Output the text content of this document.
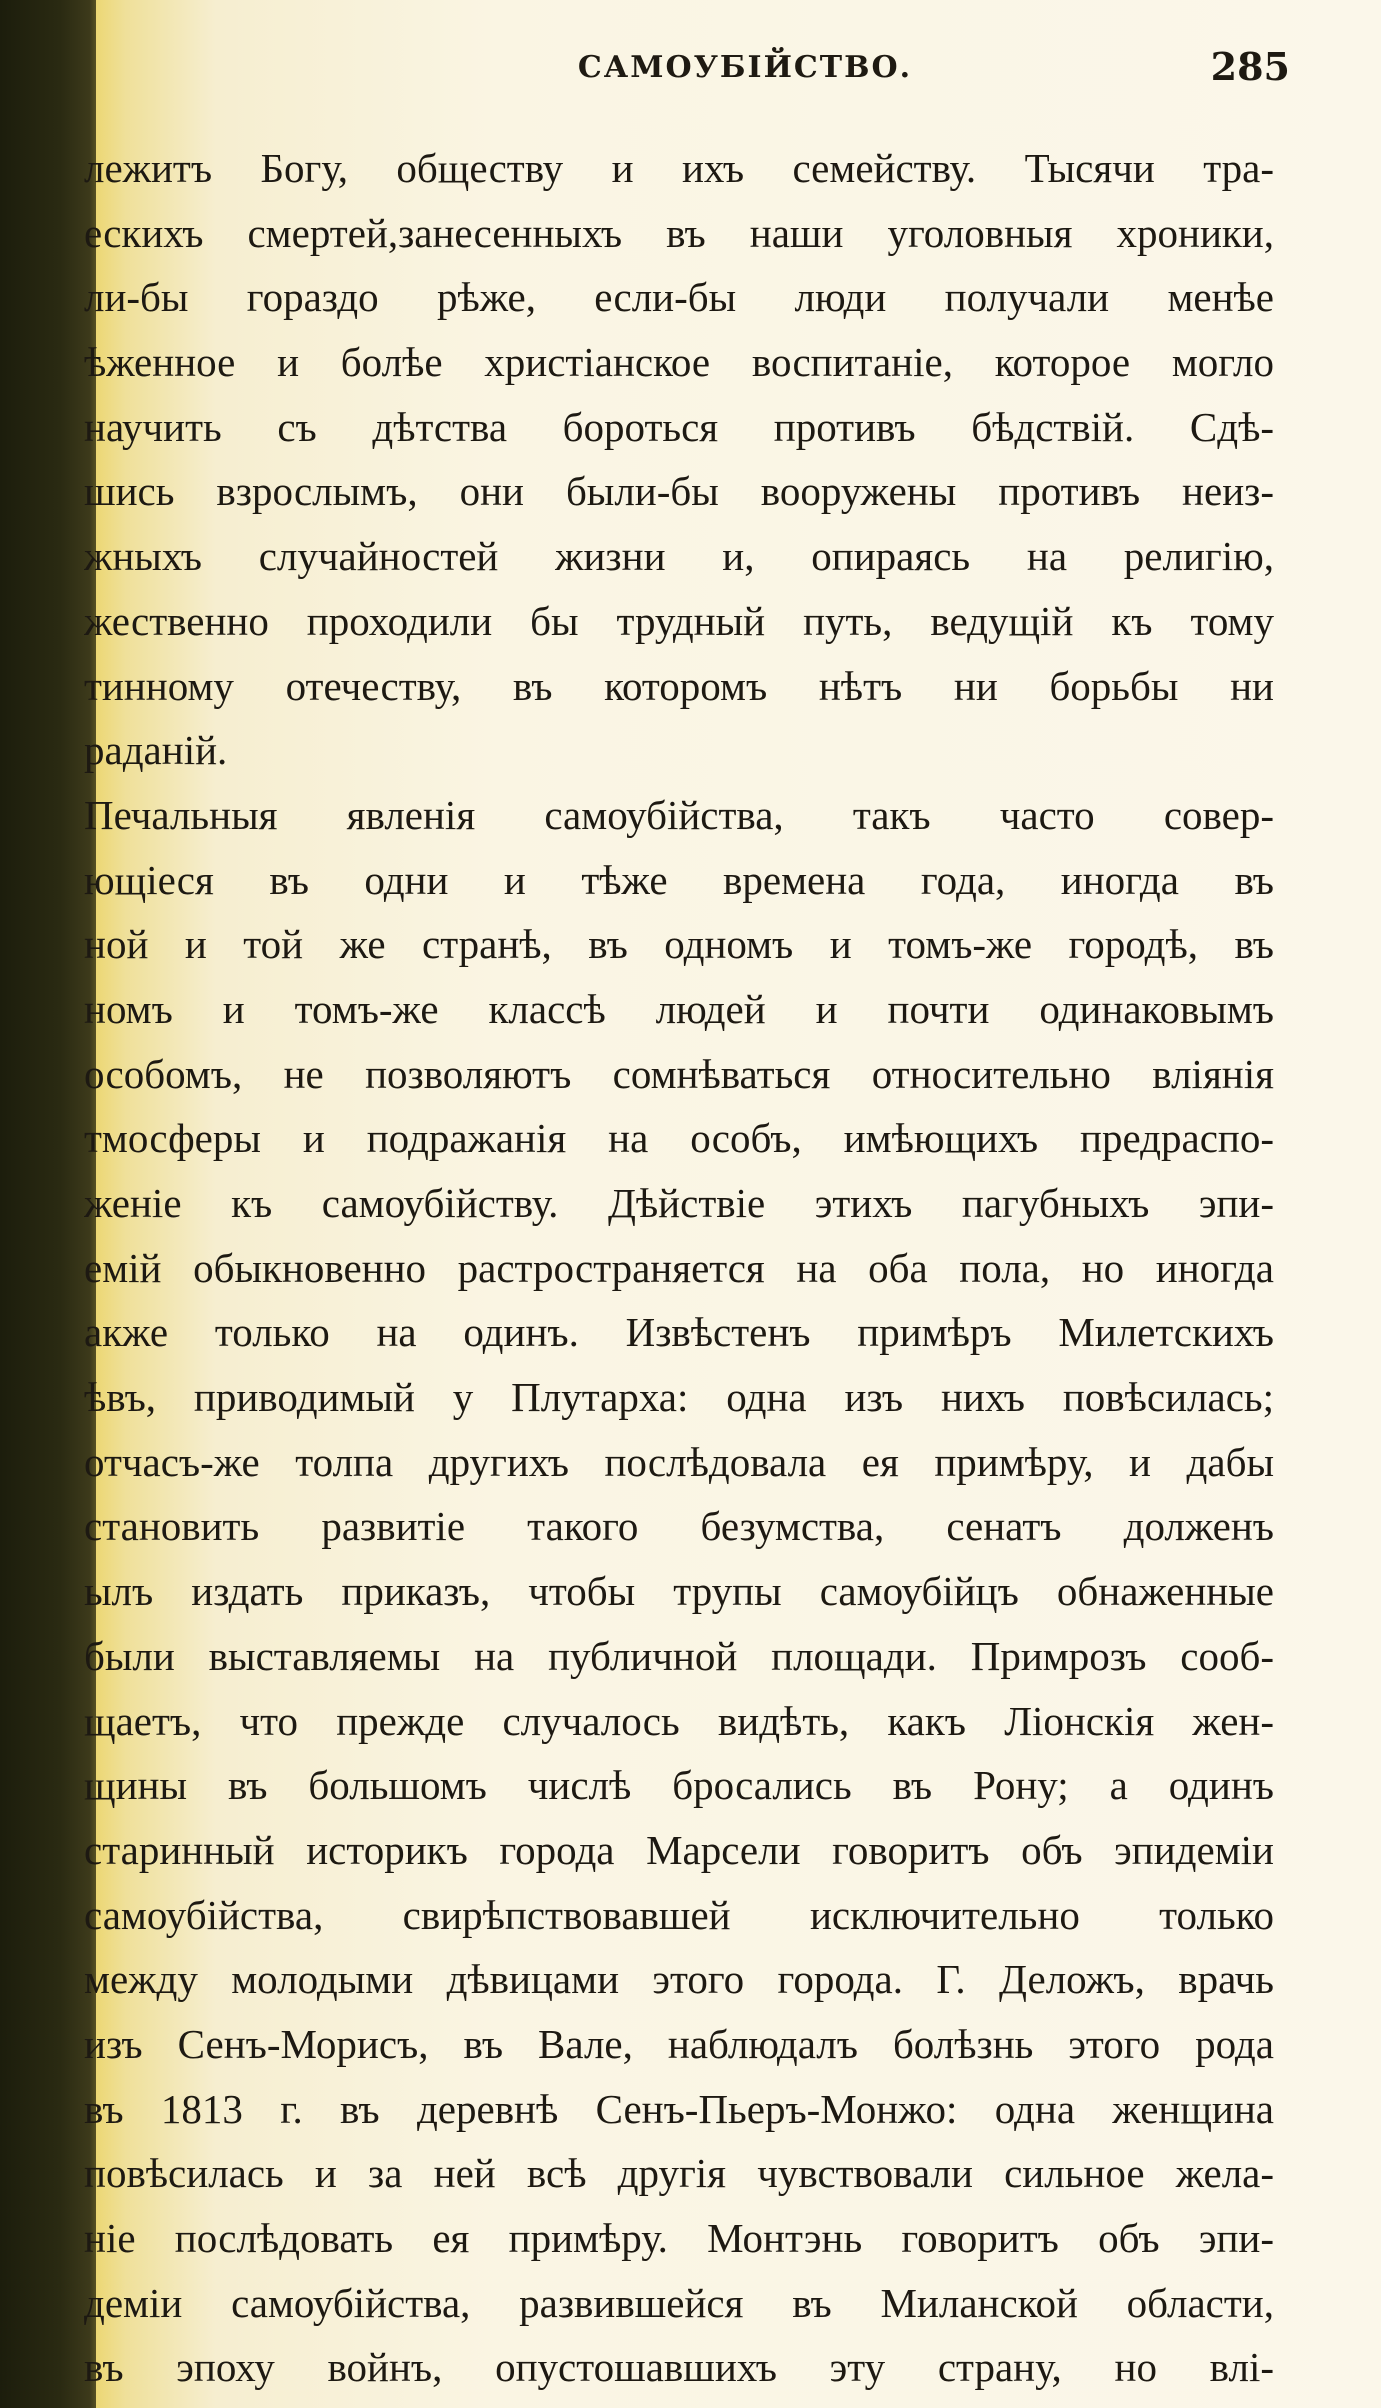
САМОУБІЙСТВО.	285
лежитъ Богу, обществу и ихъ семейству. Тысячи тра-
ескихъ смертей,занесенныхъ въ наши уголовныя хроники,
ли-бы гораздо рѣже, если-бы люди получали менѣе
ѣженное и болѣе христіанское воспитаніе, которое могло
научить съ дѣтства бороться противъ бѣдствій. Сдѣ-
шись взрослымъ, они были-бы вооружены противъ неиз-
жныхъ случайностей жизни и, опираясь на религію,
жественно проходили бы трудный путь, ведущій къ тому
тинному отечеству, въ которомъ нѣтъ ни борьбы ни
раданій.
Печальныя явленія самоубійства, такъ часто совер-
ющіеся въ одни и тѣже времена года, иногда въ
ной и той же странѣ, въ одномъ и томъ-же городѣ, въ
номъ и томъ-же классѣ людей и почти одинаковымъ
особомъ, не позволяютъ сомнѣваться относительно вліянія
тмосферы и подражанія на особъ, имѣющихъ предраспо-
женіе къ самоубійству. Дѣйствіе этихъ пагубныхъ эпи-
емій обыкновенно растространяется на оба пола, но иногда
акже только на одинъ. Извѣстенъ примѣръ Милетскихъ
ѣвъ, приводимый у Плутарха: одна изъ нихъ повѣсилась;
отчасъ-же толпа другихъ послѣдовала ея примѣру, и дабы
становить развитіе такого безумства, сенатъ долженъ
ылъ издать приказъ, чтобы трупы самоубійцъ обнаженные
были выставляемы на публичной площади. Примрозъ сооб-
щаетъ, что прежде случалось видѣть, какъ Ліонскія жен-
щины въ большомъ числѣ бросались въ Рону; а одинъ
старинный историкъ города Марсели говоритъ объ эпидеміи
самоубійства, свирѣпствовавшей исключительно только
между молодыми дѣвицами этого города. Г. Деложъ, врачь
изъ Сенъ-Морисъ, въ Вале, наблюдалъ болѣзнь этого рода
въ 1813 г. въ деревнѣ Сенъ-Пьеръ-Монжо: одна женщина
повѣсилась и за ней всѣ другія чувствовали сильное жела-
ніе послѣдовать ея примѣру. Монтэнь говоритъ объ эпи-
деміи самоубійства, развившейся въ Миланской области,
въ эпоху войнъ, опустошавшихъ эту страну, но влі-
